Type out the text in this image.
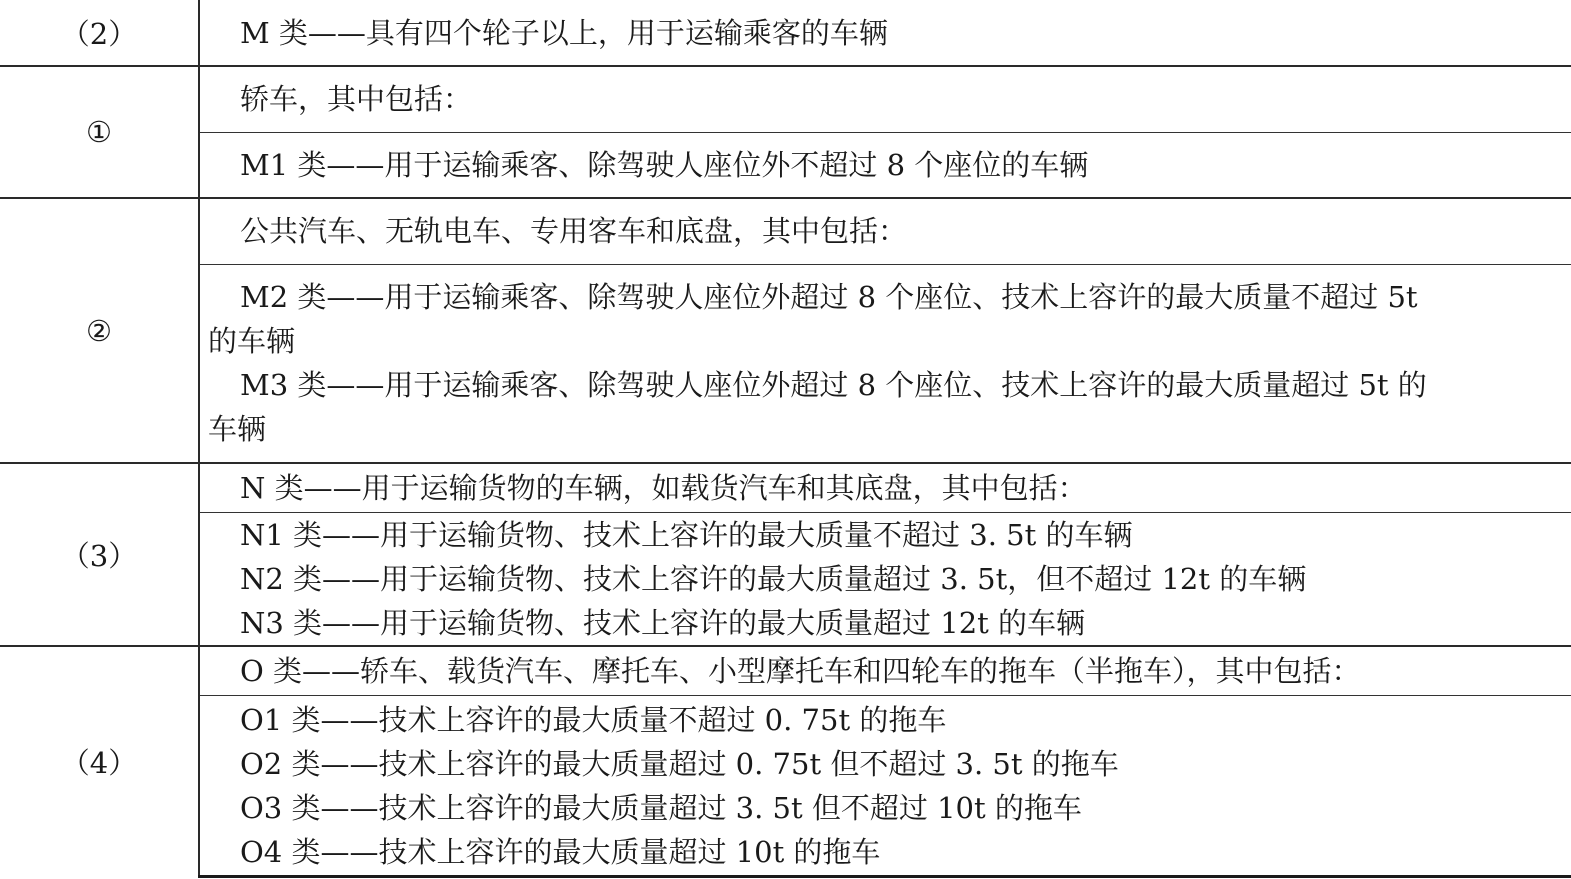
（2）	M 类——具有四个轮子以上，用于运输乘客的车辆

①	轿车，其中包括：

	M1 类——用于运输乘客、除驾驶人座位外不超过 8 个座位的车辆

②	公共汽车、无轨电车、专用客车和底盘，其中包括：

	M2 类——用于运输乘客、除驾驶人座位外超过 8 个座位、技术上容许的最大质量不超过 5t
的车辆
M3 类——用于运输乘客、除驾驶人座位外超过 8 个座位、技术上容许的最大质量超过 5t 的
车辆

（3）	N 类——用于运输货物的车辆，如载货汽车和其底盘，其中包括：

	N1 类——用于运输货物、技术上容许的最大质量不超过 3. 5t 的车辆
N2 类——用于运输货物、技术上容许的最大质量超过 3. 5t，但不超过 12t 的车辆
N3 类——用于运输货物、技术上容许的最大质量超过 12t 的车辆

（4）	O 类——轿车、载货汽车、摩托车、小型摩托车和四轮车的拖车（半拖车），其中包括：

	O1 类——技术上容许的最大质量不超过 0. 75t 的拖车
O2 类——技术上容许的最大质量超过 0. 75t 但不超过 3. 5t 的拖车
O3 类——技术上容许的最大质量超过 3. 5t 但不超过 10t 的拖车
O4 类——技术上容许的最大质量超过 10t 的拖车
